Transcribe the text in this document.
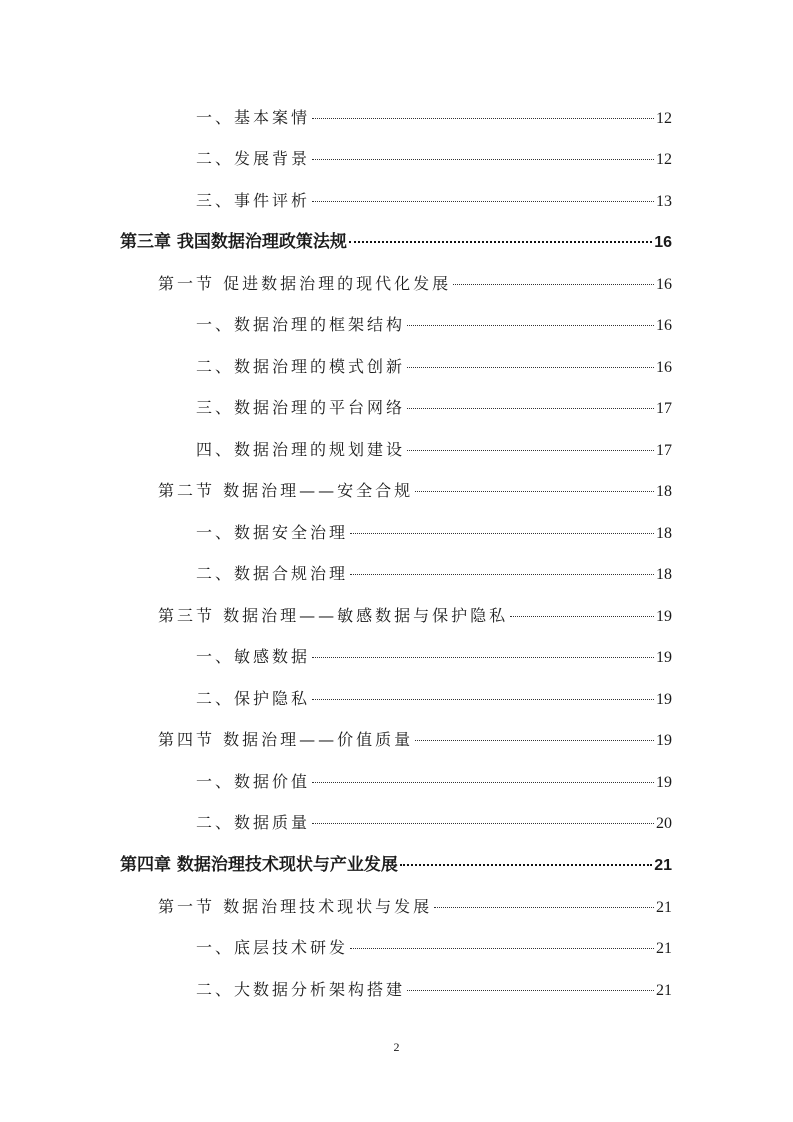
一、基本案情	12
二、发展背景	12
三、事件评析	13
第三章 我国数据治理政策法规	16
第一节 促进数据治理的现代化发展	16
一、数据治理的框架结构	16
二、数据治理的模式创新	16
三、数据治理的平台网络	17
四、数据治理的规划建设	17
第二节 数据治理——安全合规	18
一、数据安全治理	18
二、数据合规治理	18
第三节 数据治理——敏感数据与保护隐私	19
一、敏感数据	19
二、保护隐私	19
第四节 数据治理——价值质量	19
一、数据价值	19
二、数据质量	20
第四章 数据治理技术现状与产业发展	21
第一节 数据治理技术现状与发展	21
一、底层技术研发	21
二、大数据分析架构搭建	21
2
